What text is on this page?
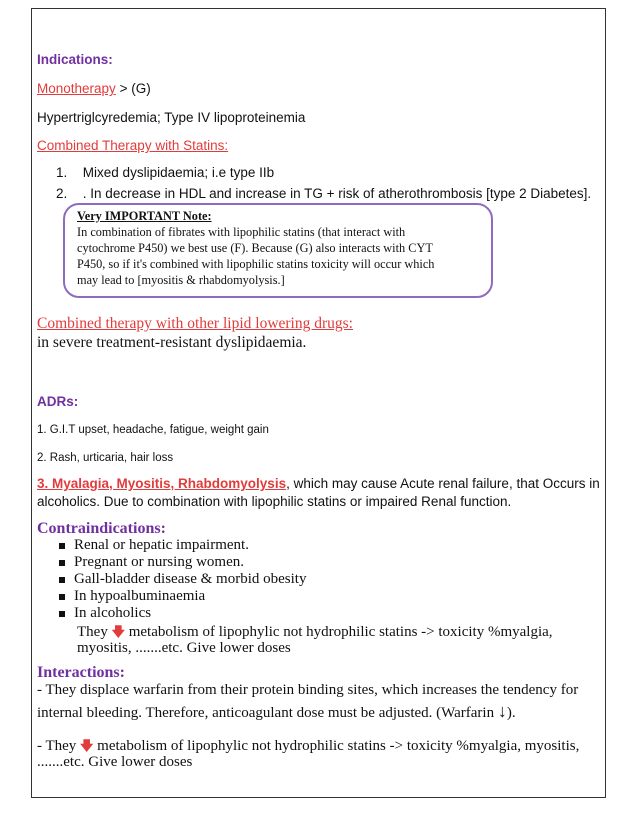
Indications:
Monotherapy > (G)
Hypertriglcyredemia; Type IV lipoproteinemia
Combined Therapy with Statins:
1. Mixed dyslipidaemia; i.e type IIb
2. . In decrease in HDL and increase in TG + risk of atherothrombosis [type 2 Diabetes].
Very IMPORTANT Note:
In combination of fibrates with lipophilic statins (that interact with
cytochrome P450) we best use (F). Because (G) also interacts with CYT
P450, so if it's combined with lipophilic statins toxicity will occur which
may lead to [myositis & rhabdomyolysis.]
Combined therapy with other lipid lowering drugs:
in severe treatment-resistant dyslipidaemia.
ADRs:
1. G.I.T upset, headache, fatigue, weight gain
2. Rash, urticaria, hair loss
3. Myalagia, Myositis, Rhabdomyolysis, which may cause Acute renal failure, that Occurs in
alcoholics. Due to combination with lipophilic statins or impaired Renal function.
Contraindications:
Renal or hepatic impairment.
Pregnant or nursing women.
Gall-bladder disease & morbid obesity
In hypoalbuminaemia
In alcoholics
They 🡇 metabolism of lipophylic not hydrophilic statins -> toxicity %myalgia,
myositis, .......etc. Give lower doses
Interactions:
- They displace warfarin from their protein binding sites, which increases the tendency for
internal bleeding. Therefore, anticoagulant dose must be adjusted. (Warfarin ↓).
- They 🡇 metabolism of lipophylic not hydrophilic statins -> toxicity %myalgia, myositis,
.......etc. Give lower doses
